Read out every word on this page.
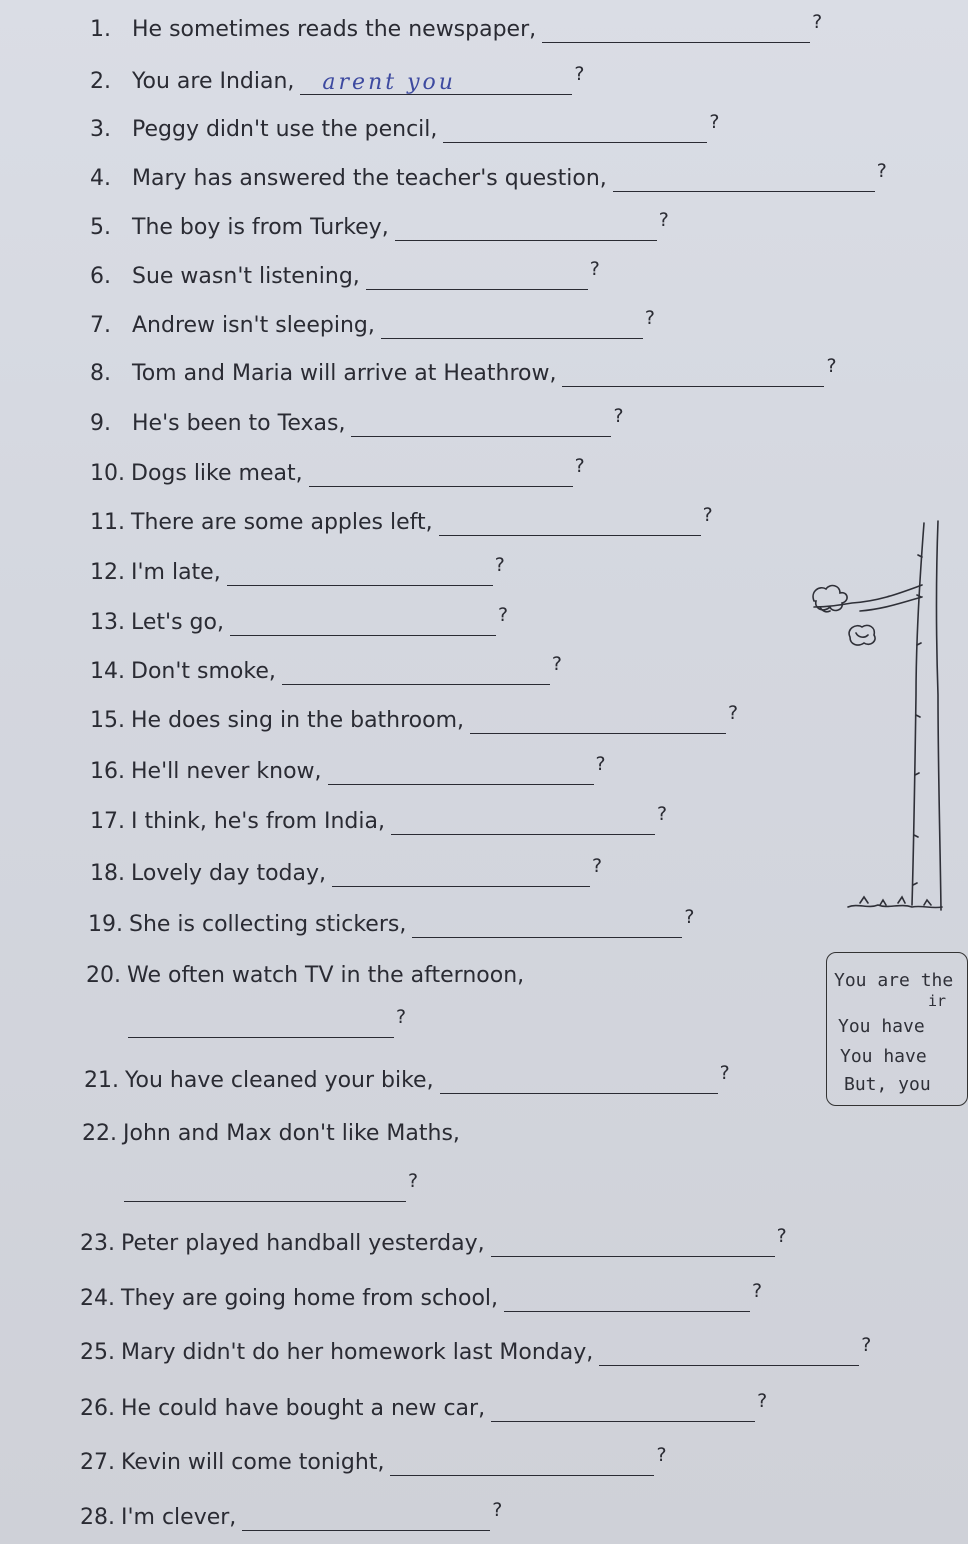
1. He sometimes reads the newspaper,	?
2. You are Indian, arent you	?
3. Peggy didn't use the pencil,	?
4. Mary has answered the teacher's question,	?
5. The boy is from Turkey,	?
6. Sue wasn't listening,	?
7. Andrew isn't sleeping,	?
8. Tom and Maria will arrive at Heathrow,	?
9. He's been to Texas,	?
10. Dogs like meat,	?
11. There are some apples left,	?
12. I'm late,	?
13. Let's go,	?
14. Don't smoke,	?
15. He does sing in the bathroom,	?
16. He'll never know,	?
17. I think, he's from India,	?
18. Lovely day today,	?
19. She is collecting stickers,	?
20. We often watch TV in the afternoon,
?
21. You have cleaned your bike,	?
22. John and Max don't like Maths,
?
23. Peter played handball yesterday,	?
24. They are going home from school,	?
25. Mary didn't do her homework last Monday,	?
26. He could have bought a new car,	?
27. Kevin will come tonight,	?
28. I'm clever,	?
You are the
ir
You have
You have
But, you
